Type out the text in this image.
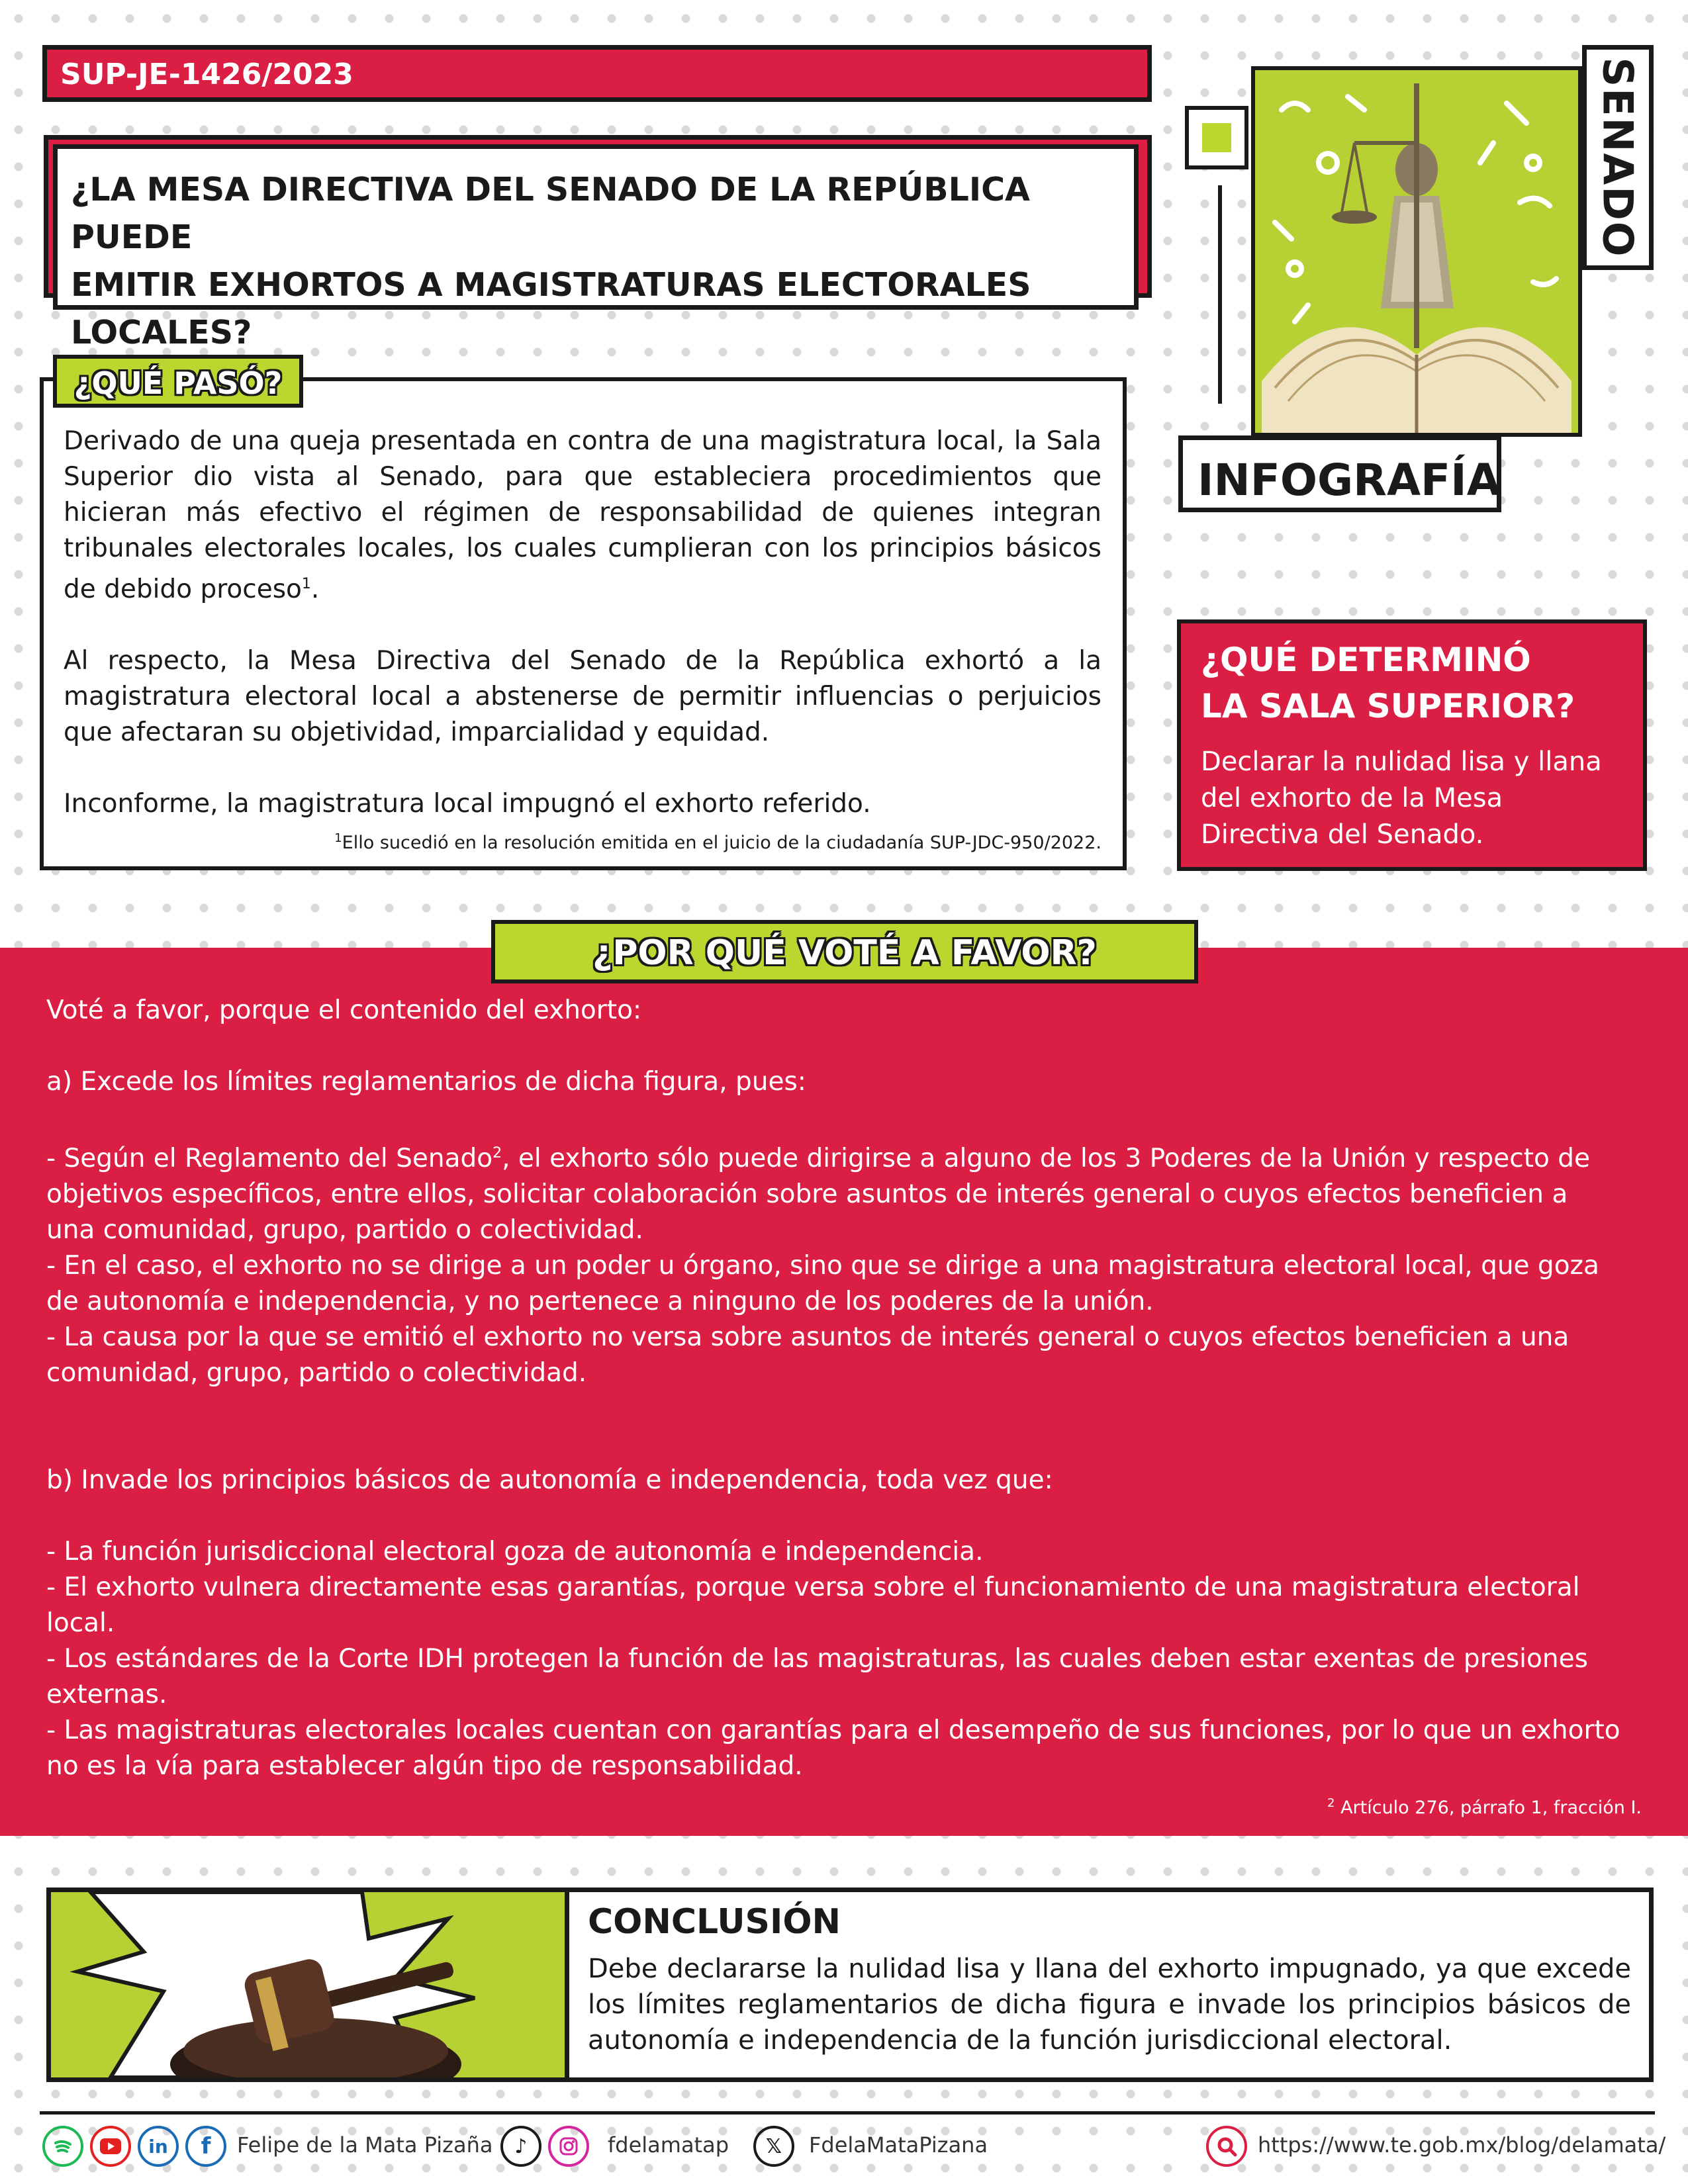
SUP-JE-1426/2023
¿LA MESA DIRECTIVA DEL SENADO DE LA REPÚBLICA PUEDE
EMITIR EXHORTOS A MAGISTRATURAS ELECTORALES
LOCALES?

Derivado de una queja presentada en contra de una magistratura local, la Sala Superior dio vista al Senado, para que estableciera procedimientos que hicieran más efectivo el régimen de responsabilidad de quienes integran tribunales electorales locales, los cuales cumplieran con los principios básicos de debido proceso$^1$.

Al respecto, la Mesa Directiva del Senado de la República exhortó a la magistratura electoral local a abstenerse de permitir influencias o perjuicios que afectaran su objetividad, imparcialidad y equidad.

Inconforme, la magistratura local impugnó el exhorto referido.

$^1$Ello sucedió en la resolución emitida en el juicio de la ciudadanía SUP-JDC-950/2022.
¿QUÉ PASÓ?
SENADO
INFOGRAFÍA
¿QUÉ DETERMINÓ
LA SALA SUPERIOR?
Declarar la nulidad lisa y llana del exhorto de la Mesa Directiva del Senado.
¿POR QUÉ VOTÉ A FAVOR?

Voté a favor, porque el contenido del exhorto:

a) Excede los límites reglamentarios de dicha figura, pues:

- Según el Reglamento del Senado$^2$, el exhorto sólo puede dirigirse a alguno de los 3 Poderes de la Unión y respecto de

objetivos específicos, entre ellos, solicitar colaboración sobre asuntos de interés general o cuyos efectos beneficien a

una comunidad, grupo, partido o colectividad.

- En el caso, el exhorto no se dirige a un poder u órgano, sino que se dirige a una magistratura electoral local, que goza

de autonomía e independencia, y no pertenece a ninguno de los poderes de la unión.

- La causa por la que se emitió el exhorto no versa sobre asuntos de interés general o cuyos efectos beneficien a una

comunidad, grupo, partido o colectividad.

b) Invade los principios básicos de autonomía e independencia, toda vez que:

- La función jurisdiccional electoral goza de autonomía e independencia.

- El exhorto vulnera directamente esas garantías, porque versa sobre el funcionamiento de una magistratura electoral

local.

- Los estándares de la Corte IDH protegen la función de las magistraturas, las cuales deben estar exentas de presiones

externas.

- Las magistraturas electorales locales cuentan con garantías para el desempeño de sus funciones, por lo que un exhorto

no es la vía para establecer algún tipo de responsabilidad.

$^2$ Artículo 276, párrafo 1, fracción I.
CONCLUSIÓN
Debe declararse la nulidad lisa y llana del exhorto impugnado, ya que excede los límites reglamentarios de dicha figura e invade los principios básicos de autonomía e independencia de la función jurisdiccional electoral.
in	f	Felipe de la Mata Pizaña	♪	fdelamatap	𝕏	FdelaMataPizana	https://www.te.gob.mx/blog/delamata/
